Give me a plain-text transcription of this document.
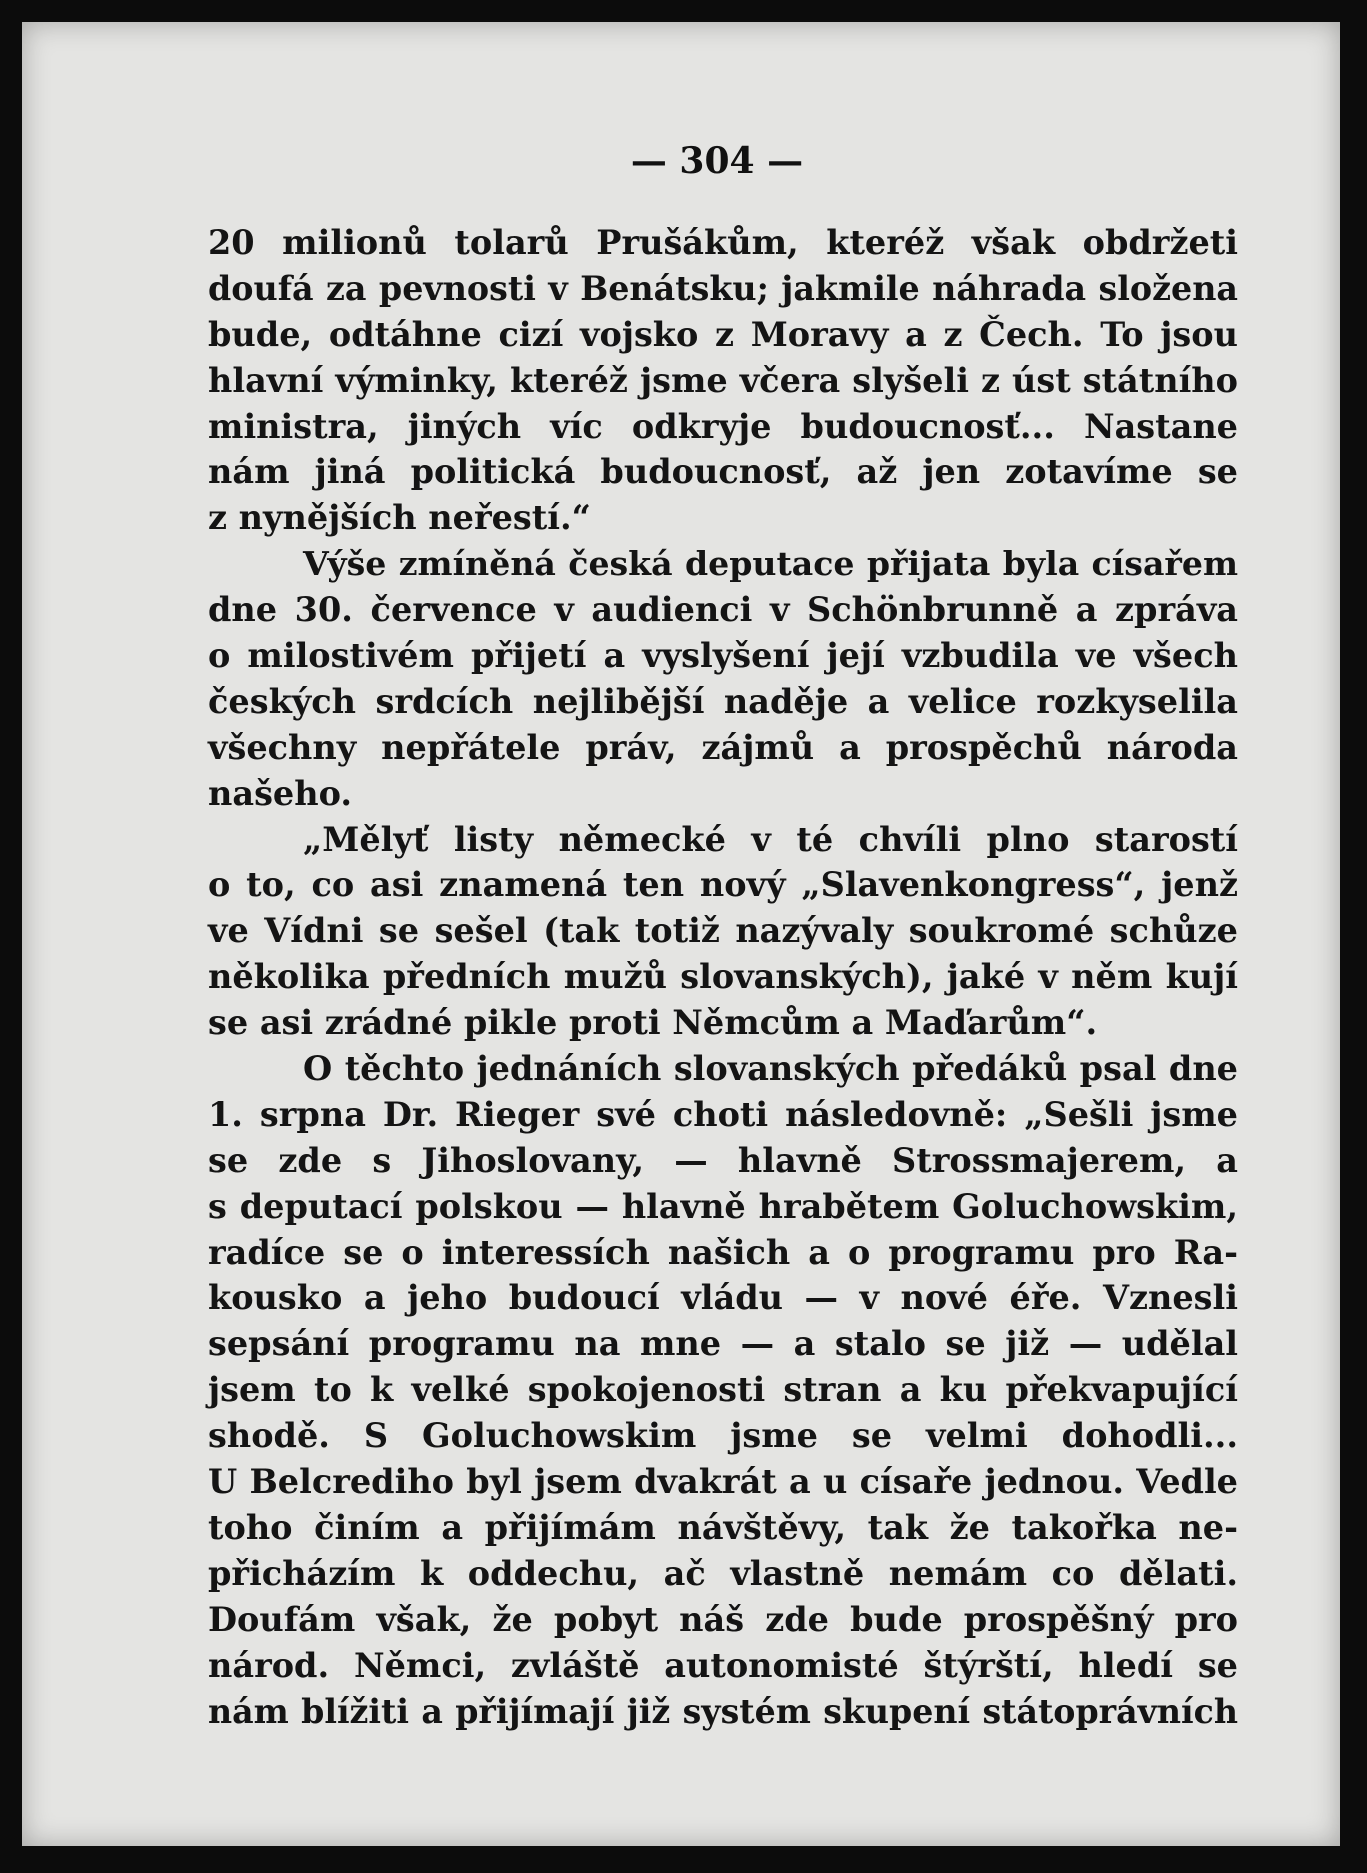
— 304 —

20 milionů tolarů Prušákům, kteréž však obdržeti
doufá za pevnosti v Benátsku; jakmile náhrada složena
bude, odtáhne cizí vojsko z Moravy a z Čech. To jsou
hlavní výminky, kteréž jsme včera slyšeli z úst státního
ministra, jiných víc odkryje budoucnosť... Nastane
nám jiná politická budoucnosť, až jen zotavíme se
z nynějších neřestí.“
Výše zmíněná česká deputace přijata byla císařem
dne 30. července v audienci v Schönbrunně a zpráva
o milostivém přijetí a vyslyšení její vzbudila ve všech
českých srdcích nejlibější naděje a velice rozkyselila
všechny nepřátele práv, zájmů a prospěchů národa
našeho.
„Mělyť listy německé v té chvíli plno starostí
o to, co asi znamená ten nový „Slavenkongress“, jenž
ve Vídni se sešel (tak totiž nazývaly soukromé schůze
několika předních mužů slovanských), jaké v něm kují
se asi zrádné pikle proti Němcům a Maďarům“.
O těchto jednáních slovanských předáků psal dne
1. srpna Dr. Rieger své choti následovně: „Sešli jsme
se zde s Jihoslovany, — hlavně Strossmajerem, a
s deputací polskou — hlavně hrabětem Goluchowskim,
radíce se o interessích našich a o programu pro Ra-
kousko a jeho budoucí vládu — v nové éře. Vznesli
sepsání programu na mne — a stalo se již — udělal
jsem to k velké spokojenosti stran a ku překvapující
shodě. S Goluchowskim jsme se velmi dohodli...
U Belcrediho byl jsem dvakrát a u císaře jednou. Vedle
toho činím a přijímám návštěvy, tak že takořka ne-
přicházím k oddechu, ač vlastně nemám co dělati.
Doufám však, že pobyt náš zde bude prospěšný pro
národ. Němci, zvláště autonomisté štýrští, hledí se
nám blížiti a přijímají již systém skupení státoprávních
